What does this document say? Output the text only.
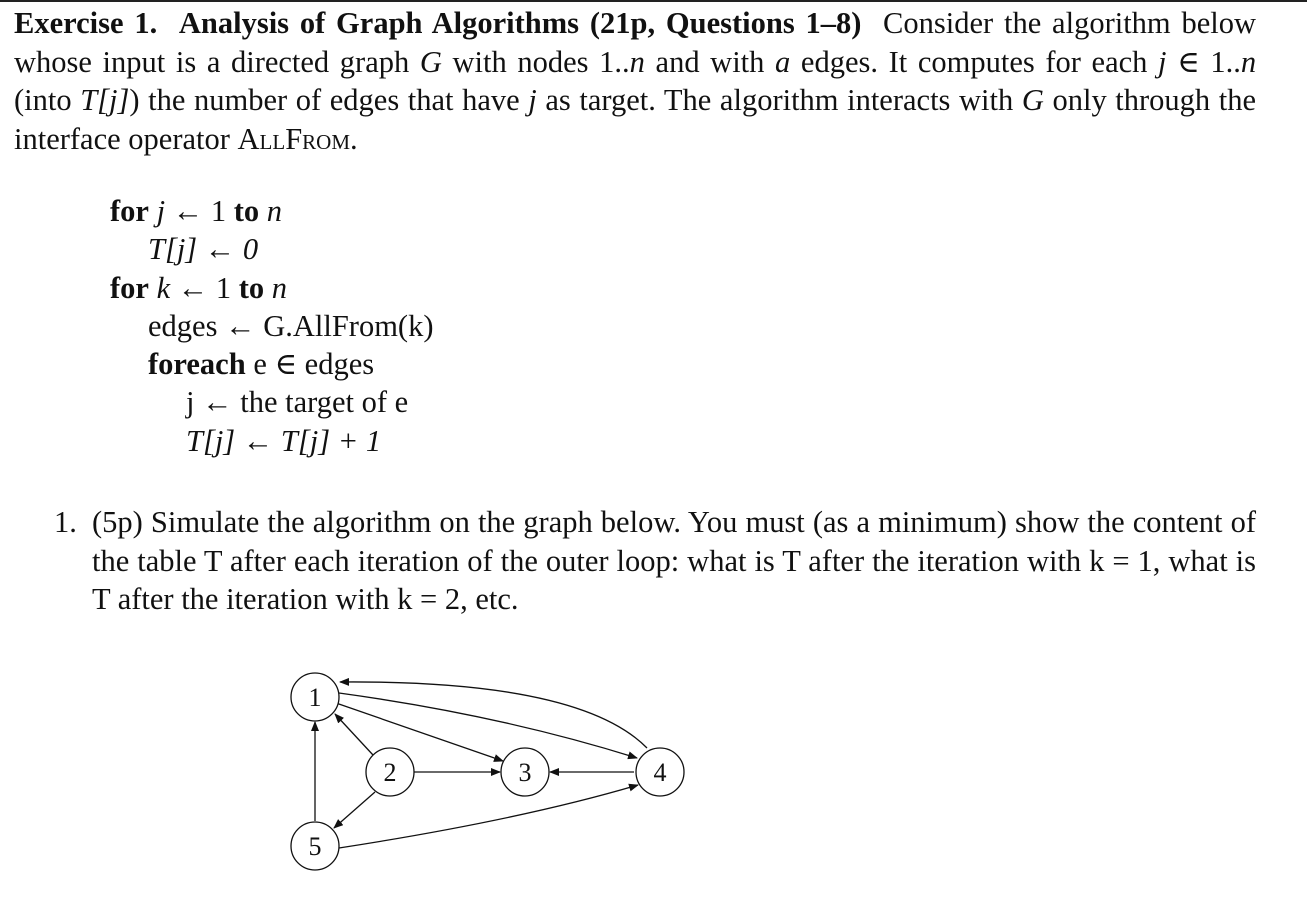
Exercise 1. Analysis of Graph Algorithms (21p, Questions 1–8) Consider the algorithm below whose input is a directed graph G with nodes 1..n and with a edges. It computes for each j ∈ 1..n (into T[j]) the number of edges that have j as target. The algorithm interacts with G only through the interface operator AllFrom.
for j ← 1 to n
T[j] ← 0
for k ← 1 to n
edges ← G.AllFrom(k)
foreach e ∈ edges
j ← the target of e
T[j] ← T[j] + 1
1. (5p) Simulate the algorithm on the graph below. You must (as a minimum) show the content of the table T after each iteration of the outer loop: what is T after the iteration with k = 1, what is T after the iteration with k = 2, etc.
1
2	3	4
5
